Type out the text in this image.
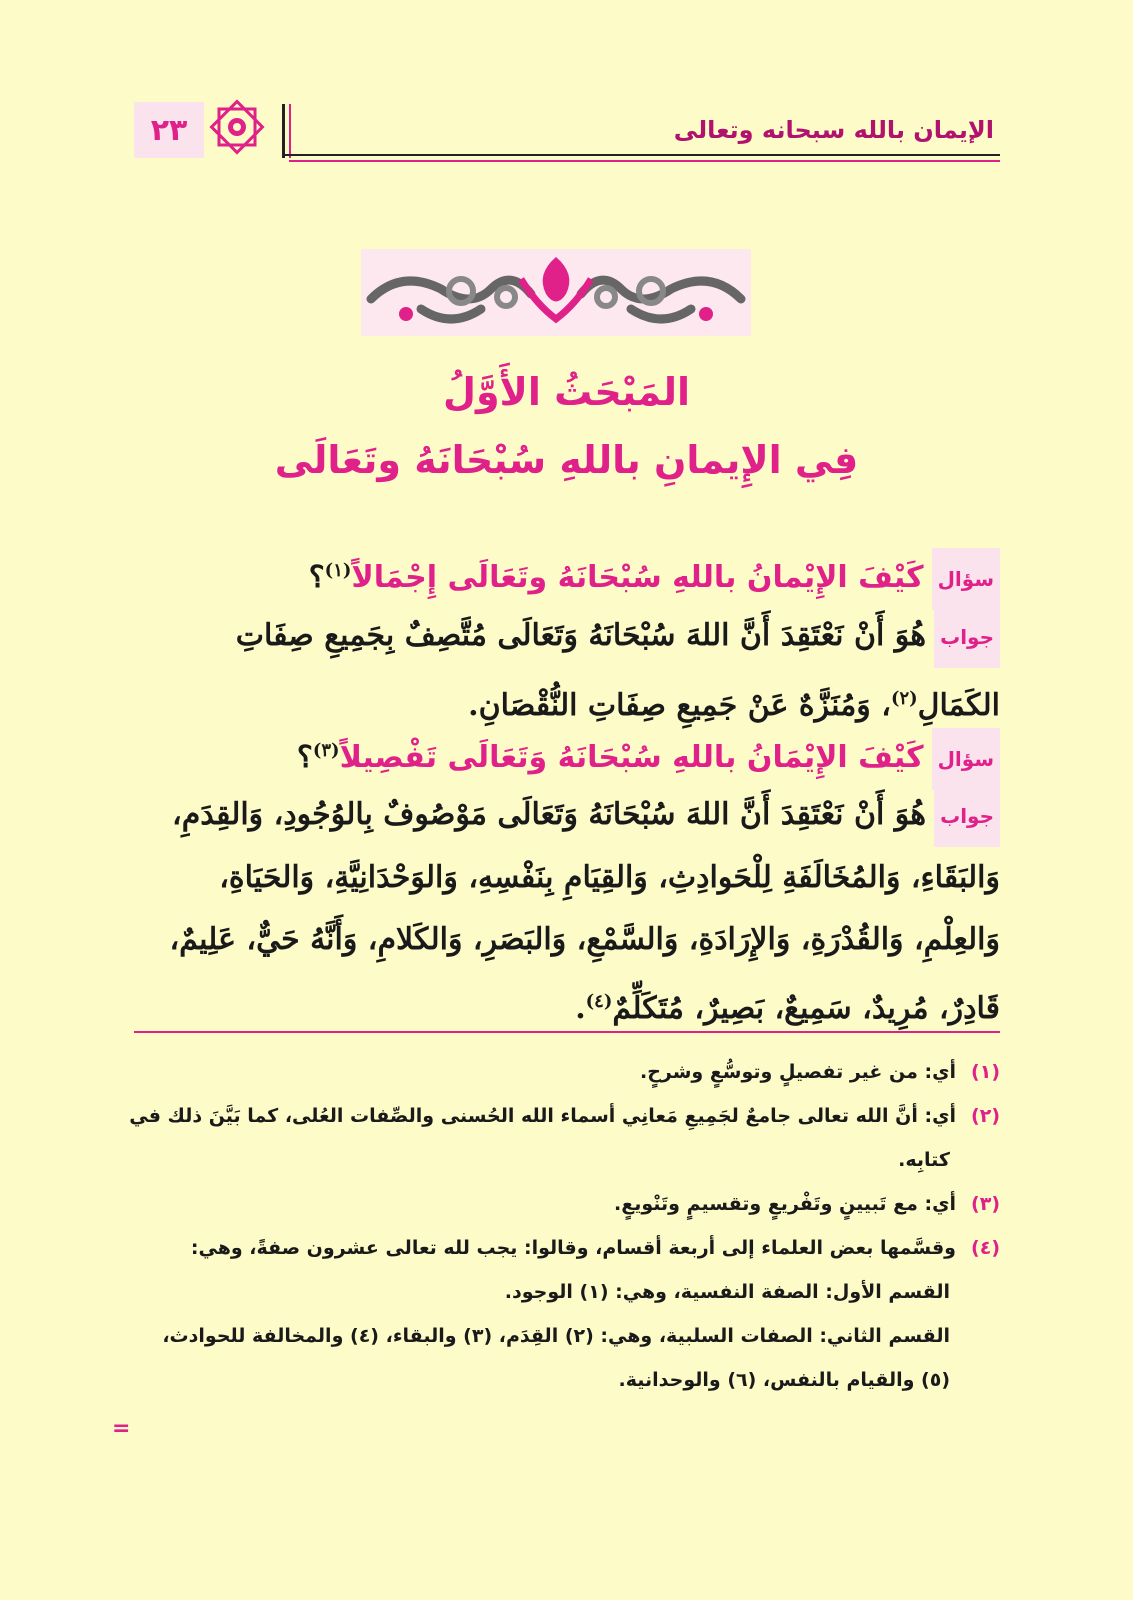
٢٣	الإيمان بالله سبحانه وتعالى
المَبْحَثُ الأَوَّلُ
فِي الإِيمانِ باللهِ سُبْحَانَهُ وتَعَالَى
سؤالكَيْفَ الإِيْمانُ باللهِ سُبْحَانَهُ وتَعَالَى إِجْمَالاً$^{(١)}$؟
جوابهُوَ أَنْ نَعْتَقِدَ أَنَّ اللهَ سُبْحَانَهُ وَتَعَالَى مُتَّصِفٌ بِجَمِيعِ صِفَاتِ الكَمَالِ$^{(٢)}$، وَمُنَزَّهٌ عَنْ جَمِيعِ صِفَاتِ النُّقْصَانِ.
سؤالكَيْفَ الإِيْمَانُ باللهِ سُبْحَانَهُ وَتَعَالَى تَفْصِيلاً$^{(٣)}$؟
جوابهُوَ أَنْ نَعْتَقِدَ أَنَّ اللهَ سُبْحَانَهُ وَتَعَالَى مَوْصُوفٌ بِالوُجُودِ، وَالقِدَمِ، وَالبَقَاءِ، وَالمُخَالَفَةِ لِلْحَوادِثِ، وَالقِيَامِ بِنَفْسِهِ، وَالوَحْدَانِيَّةِ، وَالحَيَاةِ، وَالعِلْمِ، وَالقُدْرَةِ، وَالإِرَادَةِ، وَالسَّمْعِ، وَالبَصَرِ، وَالكَلامِ، وَأَنَّهُ حَيٌّ، عَلِيمٌ، قَادِرٌ، مُرِيدٌ، سَمِيعٌ، بَصِيرٌ، مُتَكَلِّمٌ$^{(٤)}$.
(١)أي: من غير تفصيلٍ وتوسُّعٍ وشرحٍ.
(٢)أي: أنَّ الله تعالى جامعٌ لجَمِيعِ مَعانِي أسماء الله الحُسنى والصِّفات العُلى، كما بَيَّنَ ذلك في كتابِه.
(٣)أي: مع تَبيينٍ وتَفْريعٍ وتقسيمٍ وتَنْويعٍ.
(٤)وقسَّمها بعض العلماء إلى أربعة أقسام، وقالوا: يجب لله تعالى عشرون صفةً، وهي:
القسم الأول: الصفة النفسية، وهي: (١) الوجود.
القسم الثاني: الصفات السلبية، وهي: (٢) القِدَم، (٣) والبقاء، (٤) والمخالفة للحوادث، (٥) والقيام بالنفس، (٦) والوحدانية.
=
